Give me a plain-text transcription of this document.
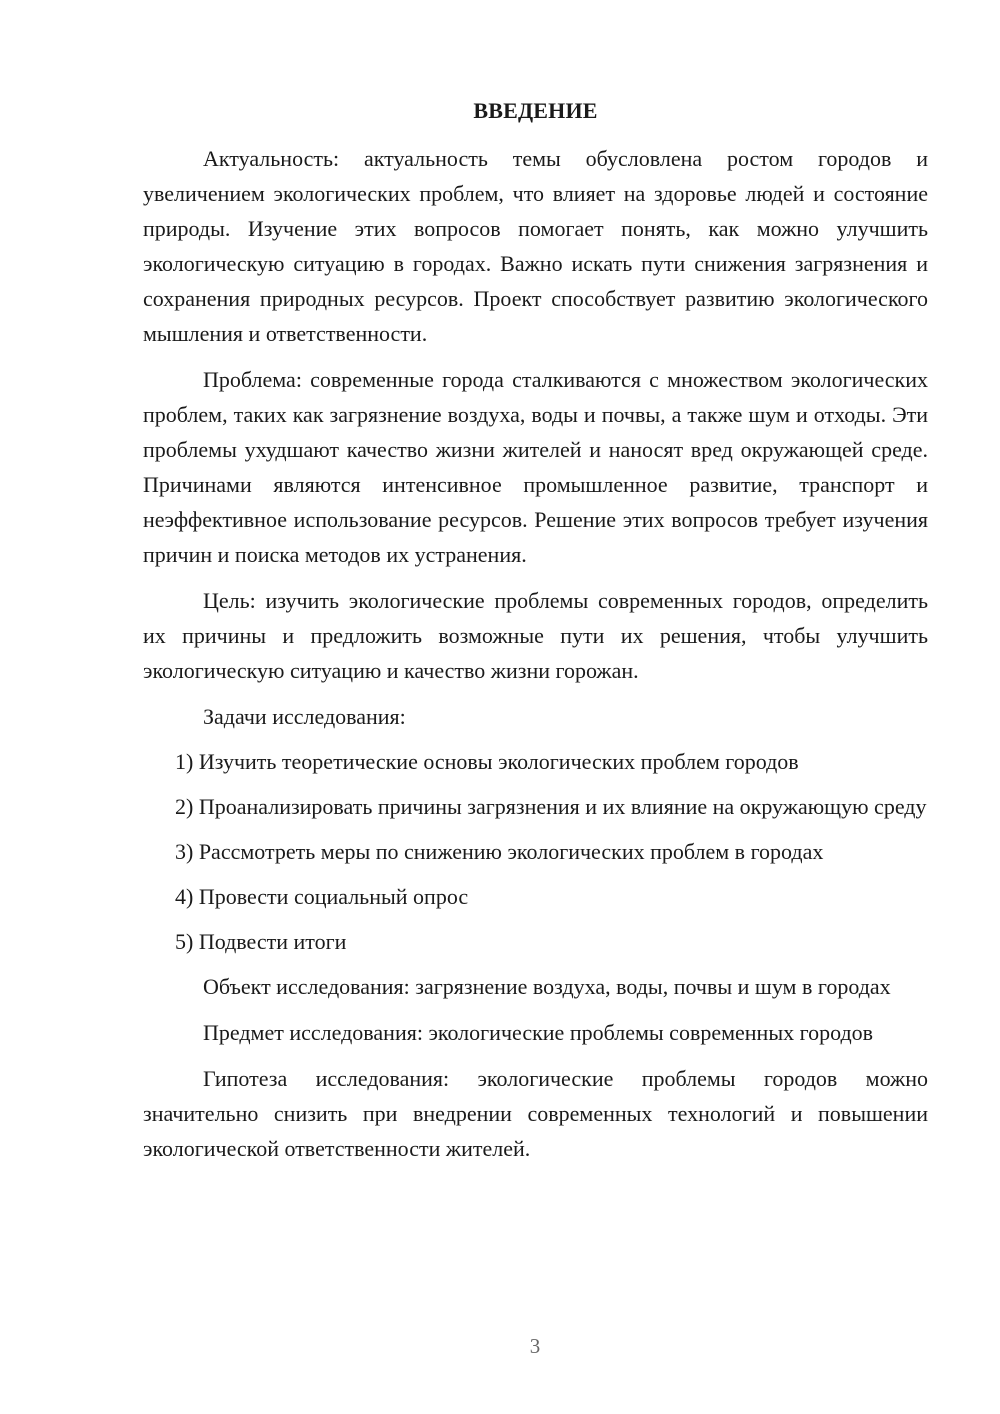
ВВЕДЕНИЕ

Актуальность: актуальность темы обусловлена ростом городов и увеличением экологических проблем, что влияет на здоровье людей и состояние природы. Изучение этих вопросов помогает понять, как можно улучшить экологическую ситуацию в городах. Важно искать пути снижения загрязнения и сохранения природных ресурсов. Проект способствует развитию экологического мышления и ответственности.

Проблема: современные города сталкиваются с множеством экологических проблем, таких как загрязнение воздуха, воды и почвы, а также шум и отходы. Эти проблемы ухудшают качество жизни жителей и наносят вред окружающей среде. Причинами являются интенсивное промышленное развитие, транспорт и неэффективное использование ресурсов. Решение этих вопросов требует изучения причин и поиска методов их устранения.

Цель: изучить экологические проблемы современных городов, определить их причины и предложить возможные пути их решения, чтобы улучшить экологическую ситуацию и качество жизни горожан.

Задачи исследования:

1) Изучить теоретические основы экологических проблем городов

2) Проанализировать причины загрязнения и их влияние на окружающую среду

3) Рассмотреть меры по снижению экологических проблем в городах

4) Провести социальный опрос

5) Подвести итоги

Объект исследования: загрязнение воздуха, воды, почвы и шум в городах

Предмет исследования: экологические проблемы современных городов

Гипотеза исследования: экологические проблемы городов можно значительно снизить при внедрении современных технологий и повышении экологической ответственности жителей.

3
